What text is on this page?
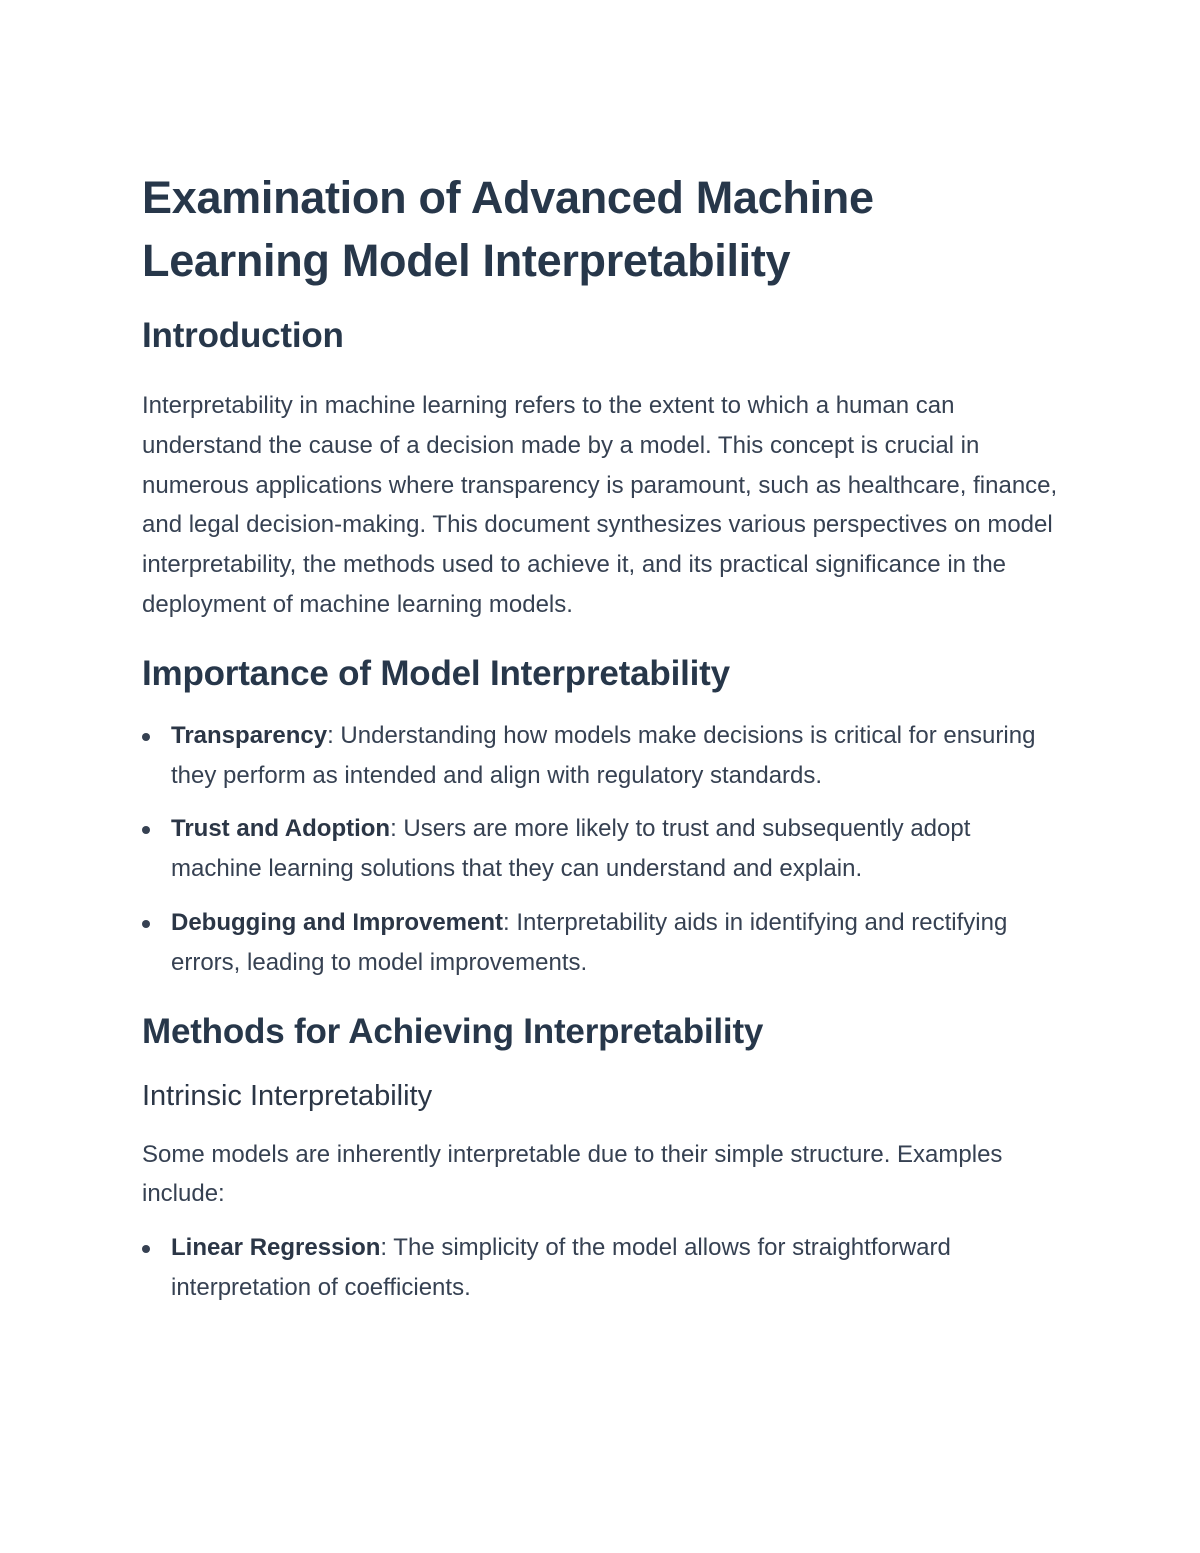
Examination of Advanced Machine Learning Model Interpretability
Introduction

Interpretability in machine learning refers to the extent to which a human can understand the cause of a decision made by a model. This concept is crucial in numerous applications where transparency is paramount, such as healthcare, finance, and legal decision-making. This document synthesizes various perspectives on model interpretability, the methods used to achieve it, and its practical significance in the deployment of machine learning models.

Importance of Model Interpretability
Transparency: Understanding how models make decisions is critical for ensuring they perform as intended and align with regulatory standards.
Trust and Adoption: Users are more likely to trust and subsequently adopt machine learning solutions that they can understand and explain.
Debugging and Improvement: Interpretability aids in identifying and rectifying errors, leading to model improvements.
Methods for Achieving Interpretability
Intrinsic Interpretability

Some models are inherently interpretable due to their simple structure. Examples include:

Linear Regression: The simplicity of the model allows for straightforward interpretation of coefficients.
